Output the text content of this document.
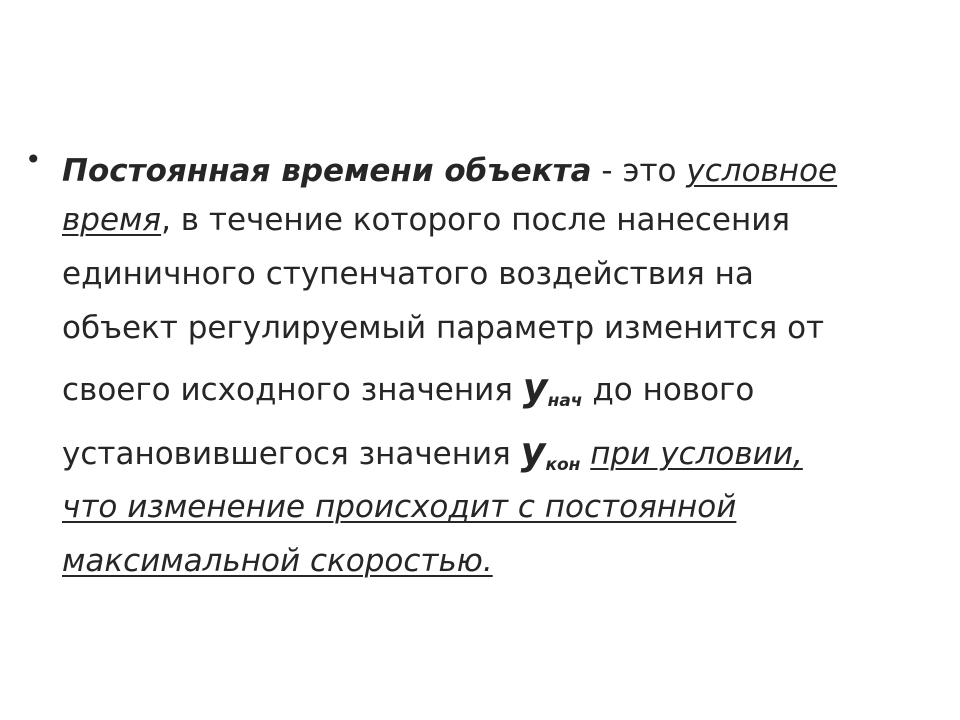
• Постоянная времени объекта - это условное
время, в течение которого после нанесения
единичного ступенчатого воздействия на
объект регулируемый параметр изменится от
своего исходного значения $у_{нач}$ до нового
установившегося значения $у_{кон}$ при условии,
что изменение происходит с постоянной
максимальной скоростью.
